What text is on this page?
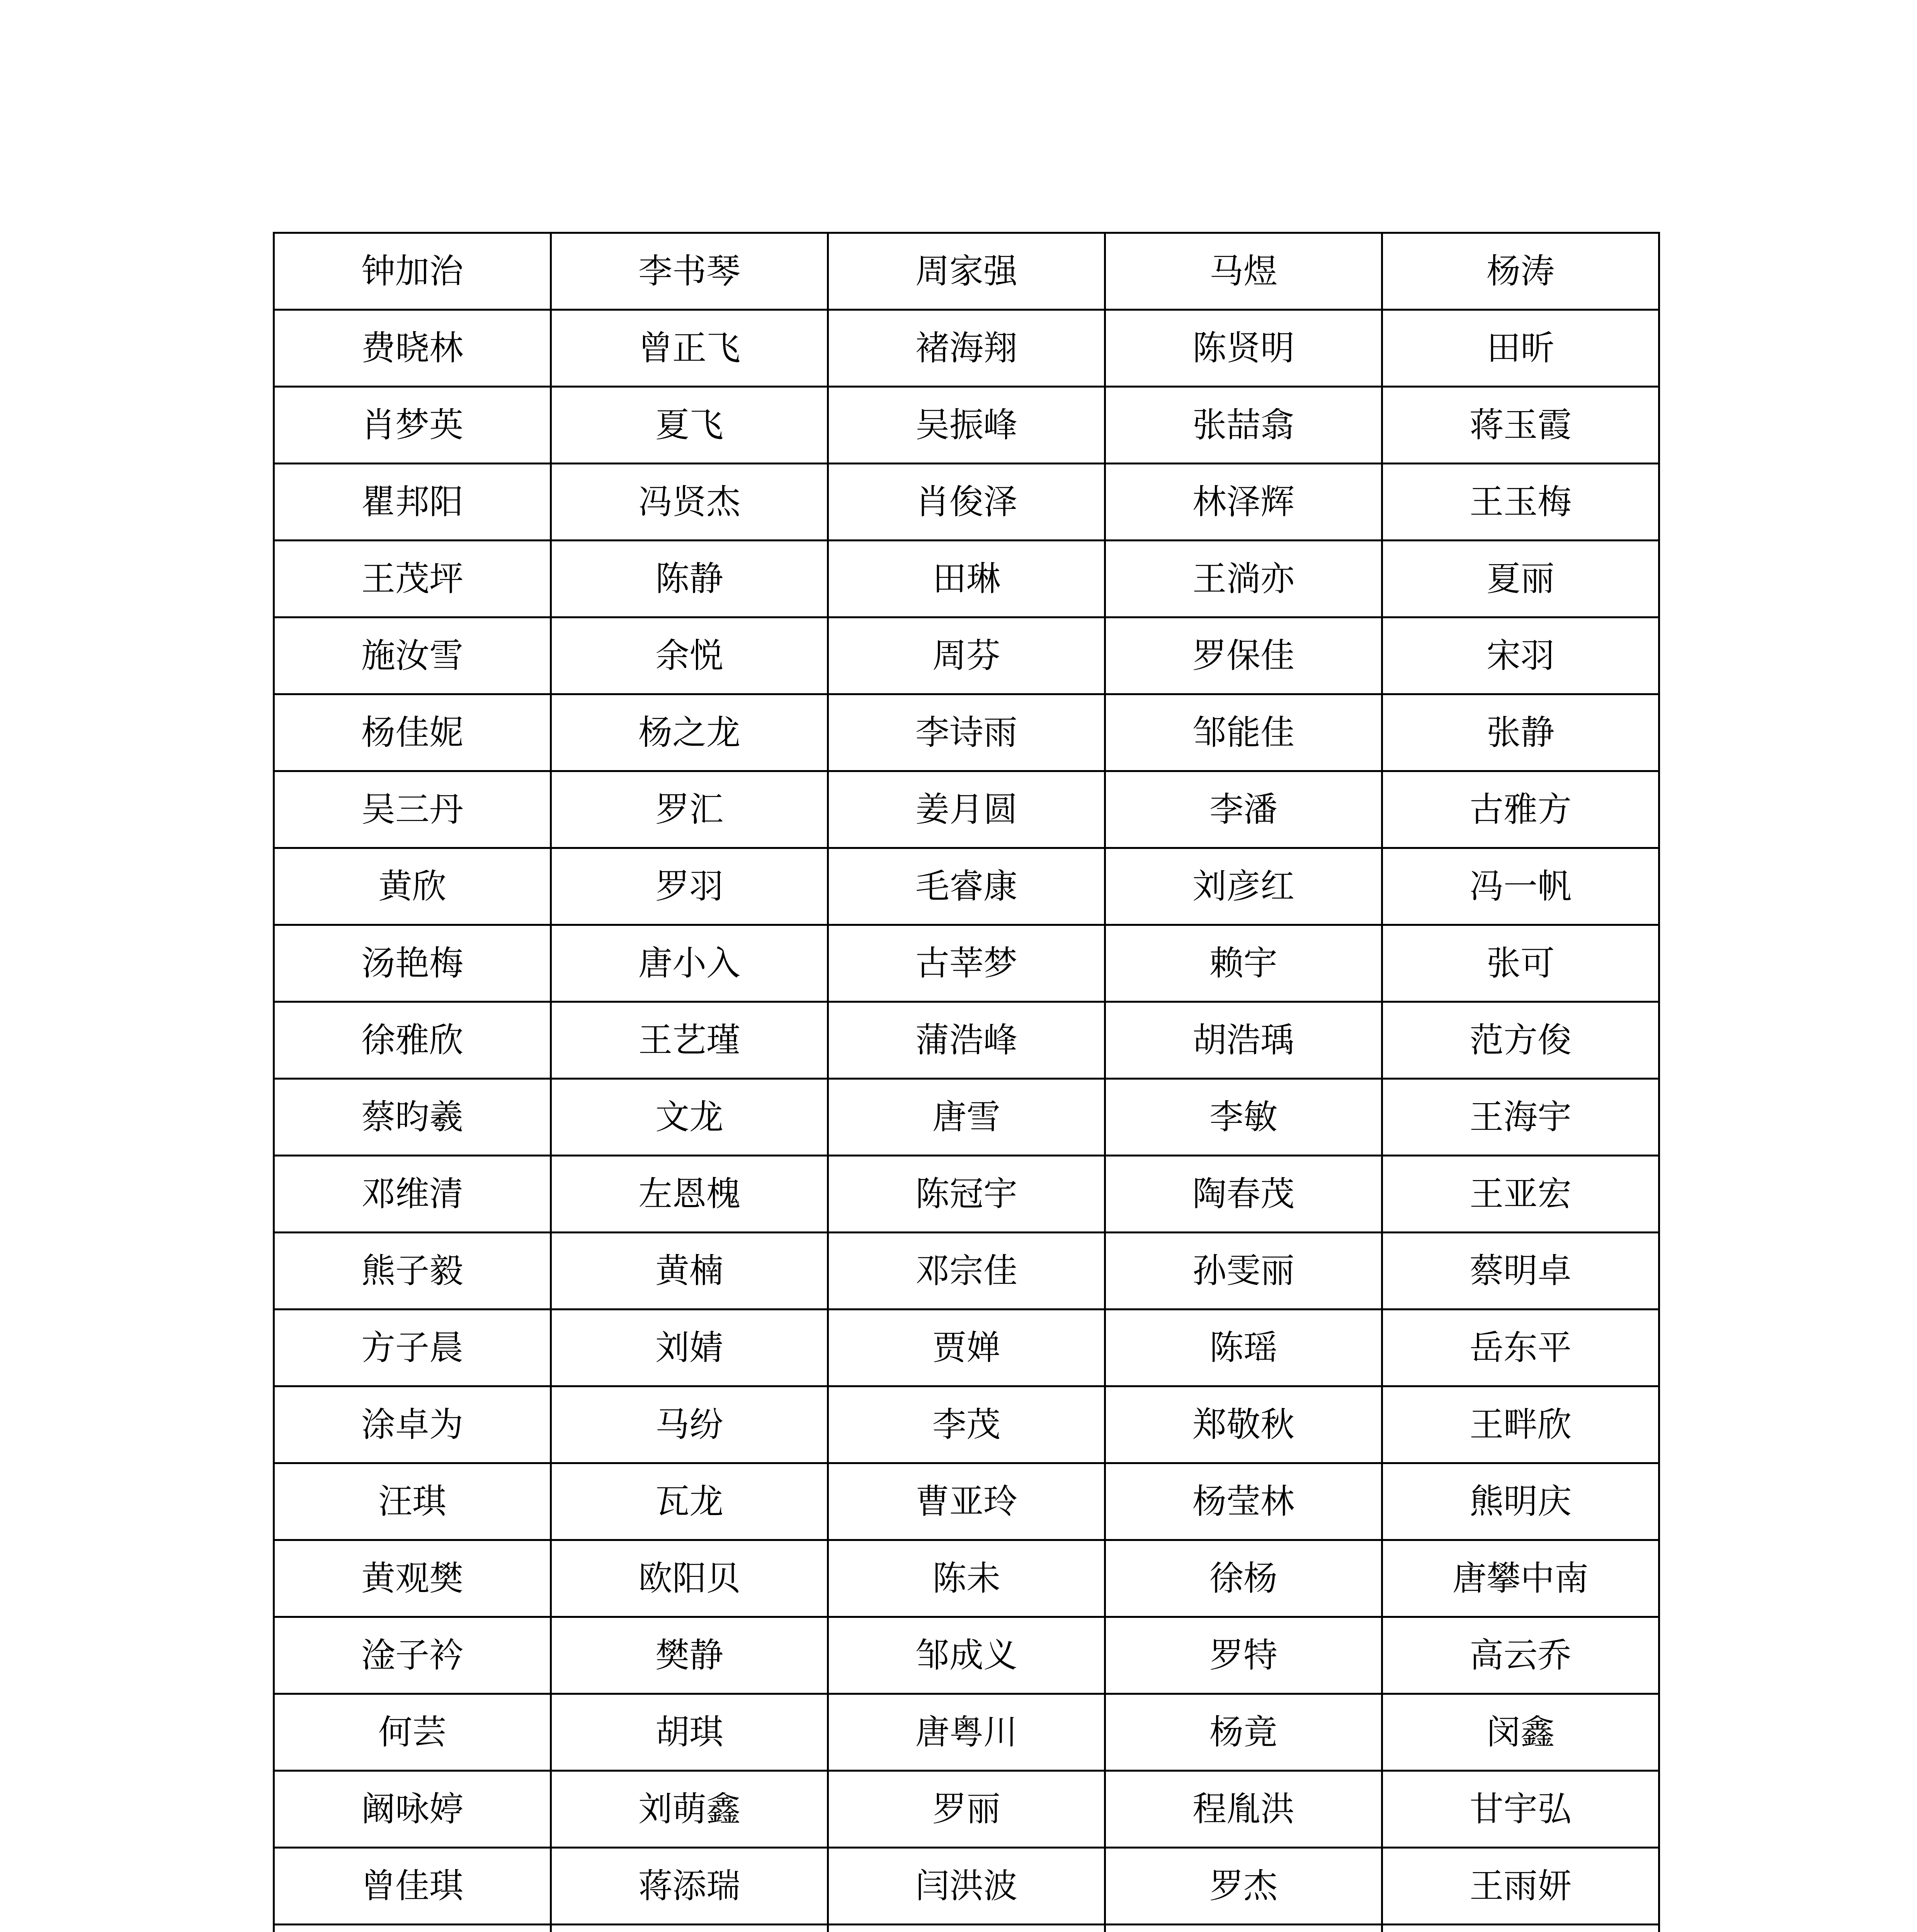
钟加治	李书琴	周家强	马煜	杨涛
费晓林	曾正飞	褚海翔	陈贤明	田昕
肖梦英	夏飞	吴振峰	张喆翕	蒋玉霞
瞿邦阳	冯贤杰	肖俊泽	林泽辉	王玉梅
王茂坪	陈静	田琳	王淌亦	夏丽
施汝雪	余悦	周芬	罗保佳	宋羽
杨佳妮	杨之龙	李诗雨	邹能佳	张静
吴三丹	罗汇	姜月圆	李潘	古雅方
黄欣	罗羽	毛睿康	刘彦红	冯一帆
汤艳梅	唐小入	古莘梦	赖宇	张可
徐雅欣	王艺瑾	蒲浩峰	胡浩瑀	范方俊
蔡昀羲	文龙	唐雪	李敏	王海宇
邓维清	左恩槐	陈冠宇	陶春茂	王亚宏
熊子毅	黄楠	邓宗佳	孙雯丽	蔡明卓
方子晨	刘婧	贾婵	陈瑶	岳东平
涂卓为	马纷	李茂	郑敬秋	王畔欣
汪琪	瓦龙	曹亚玲	杨莹林	熊明庆
黄观樊	欧阳贝	陈未	徐杨	唐攀中南
淦子衿	樊静	邹成义	罗特	高云乔
何芸	胡琪	唐粤川	杨竟	闵鑫
阚咏婷	刘萌鑫	罗丽	程胤洪	甘宇弘
曾佳琪	蒋添瑞	闫洪波	罗杰	王雨妍
